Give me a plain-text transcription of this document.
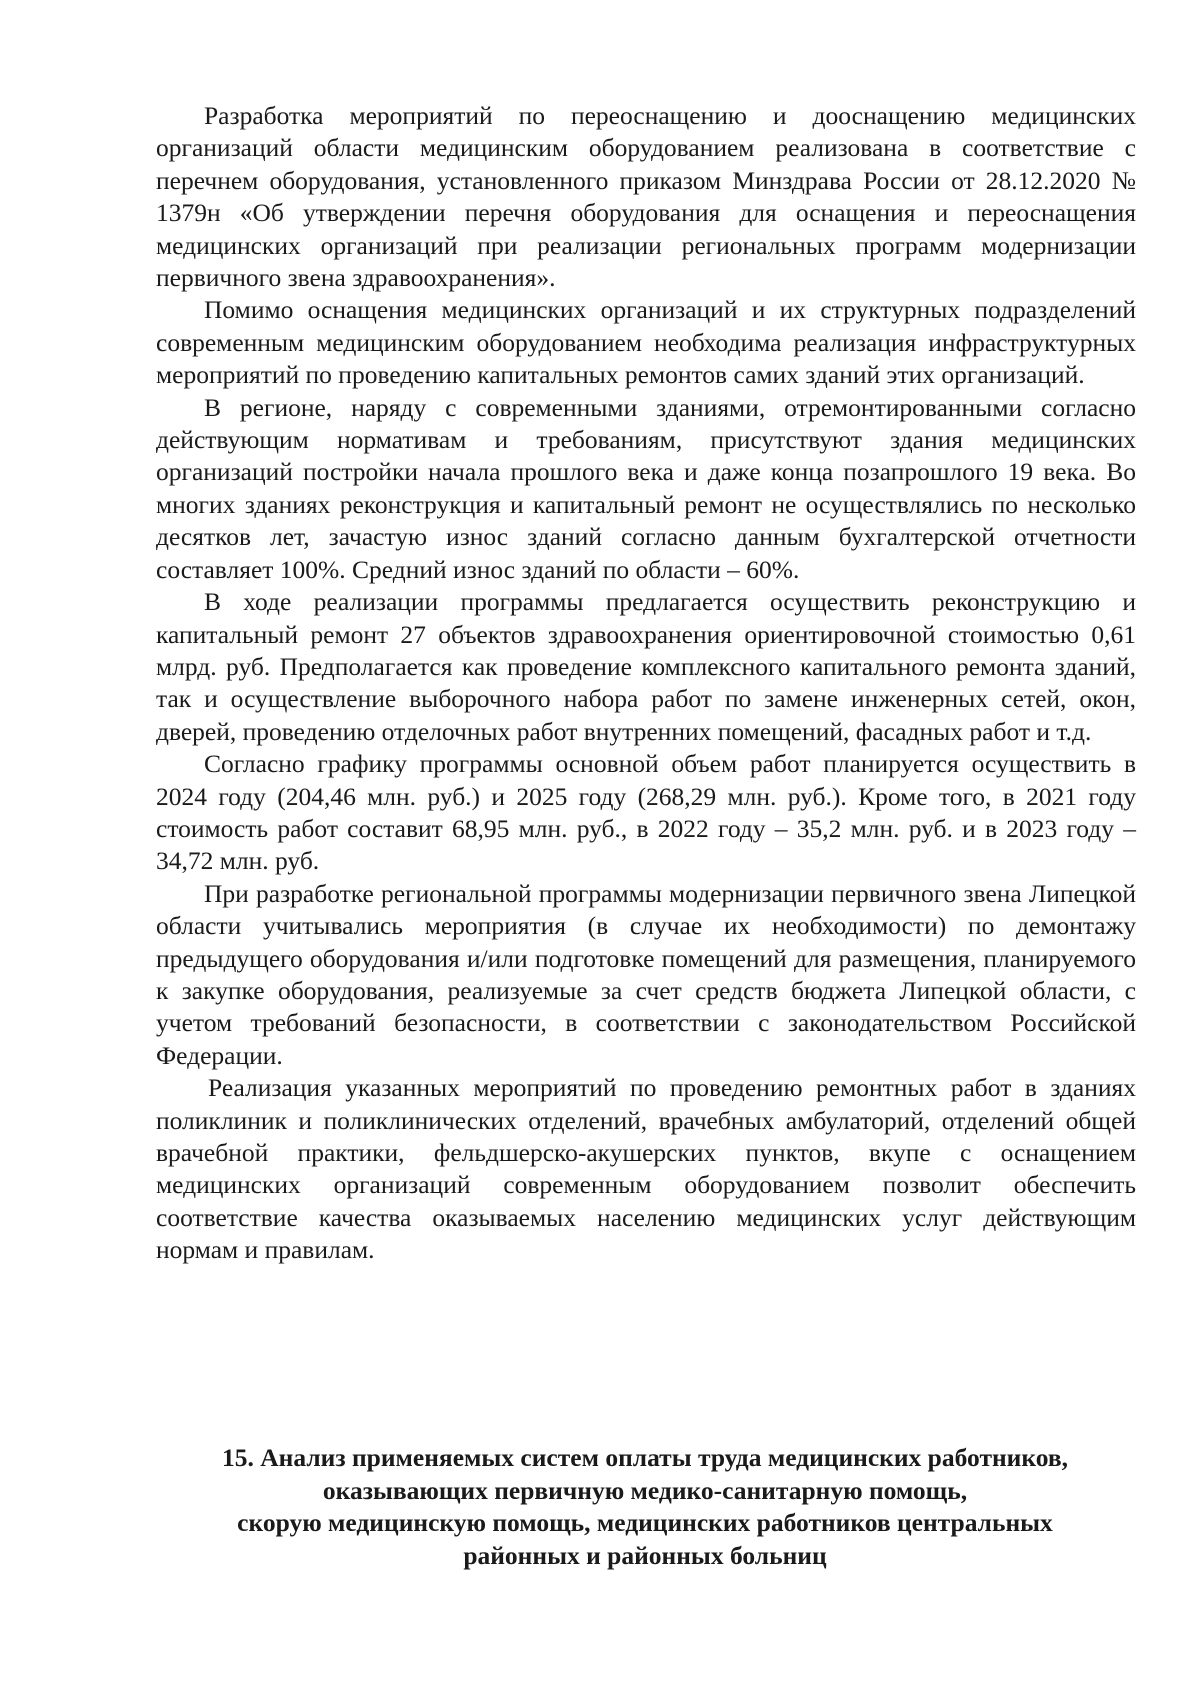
Разработка мероприятий по переоснащению и дооснащению медицинских организаций области медицинским оборудованием реализована в соответствие с перечнем оборудования, установленного приказом Минздрава России от 28.12.2020 № 1379н «Об утверждении перечня оборудования для оснащения и переоснащения медицинских организаций при реализации региональных программ модернизации первичного звена здравоохранения».

Помимо оснащения медицинских организаций и их структурных подразделений современным медицинским оборудованием необходима реализация инфраструктурных мероприятий по проведению капитальных ремонтов самих зданий этих организаций.

В регионе, наряду с современными зданиями, отремонтированными согласно действующим нормативам и требованиям, присутствуют здания медицинских организаций постройки начала прошлого века и даже конца позапрошлого 19 века. Во многих зданиях реконструкция и капитальный ремонт не осуществлялись по несколько десятков лет, зачастую износ зданий согласно данным бухгалтерской отчетности составляет 100%. Средний износ зданий по области – 60%.

В ходе реализации программы предлагается осуществить реконструкцию и капитальный ремонт 27 объектов здравоохранения ориентировочной стоимостью 0,61 млрд. руб. Предполагается как проведение комплексного капитального ремонта зданий, так и осуществление выборочного набора работ по замене инженерных сетей, окон, дверей, проведению отделочных работ внутренних помещений, фасадных работ и т.д.

Согласно графику программы основной объем работ планируется осуществить в 2024 году (204,46 млн. руб.) и 2025 году (268,29 млн. руб.). Кроме того, в 2021 году стоимость работ составит 68,95 млн. руб., в 2022 году – 35,2 млн. руб. и в 2023 году – 34,72 млн. руб.

При разработке региональной программы модернизации первичного звена Липецкой области учитывались мероприятия (в случае их необходимости) по демонтажу предыдущего оборудования и/или подготовке помещений для размещения, планируемого к закупке оборудования, реализуемые за счет средств бюджета Липецкой области, с учетом требований безопасности, в соответствии с законодательством Российской Федерации.

Реализация указанных мероприятий по проведению ремонтных работ в зданиях поликлиник и поликлинических отделений, врачебных амбулаторий, отделений общей врачебной практики, фельдшерско-акушерских пунктов, вкупе с оснащением медицинских организаций современным оборудованием позволит обеспечить соответствие качества оказываемых населению медицинских услуг действующим нормам и правилам.

15. Анализ применяемых систем оплаты труда медицинских работников,
оказывающих первичную медико-санитарную помощь,
скорую медицинскую помощь, медицинских работников центральных
районных и районных больниц
